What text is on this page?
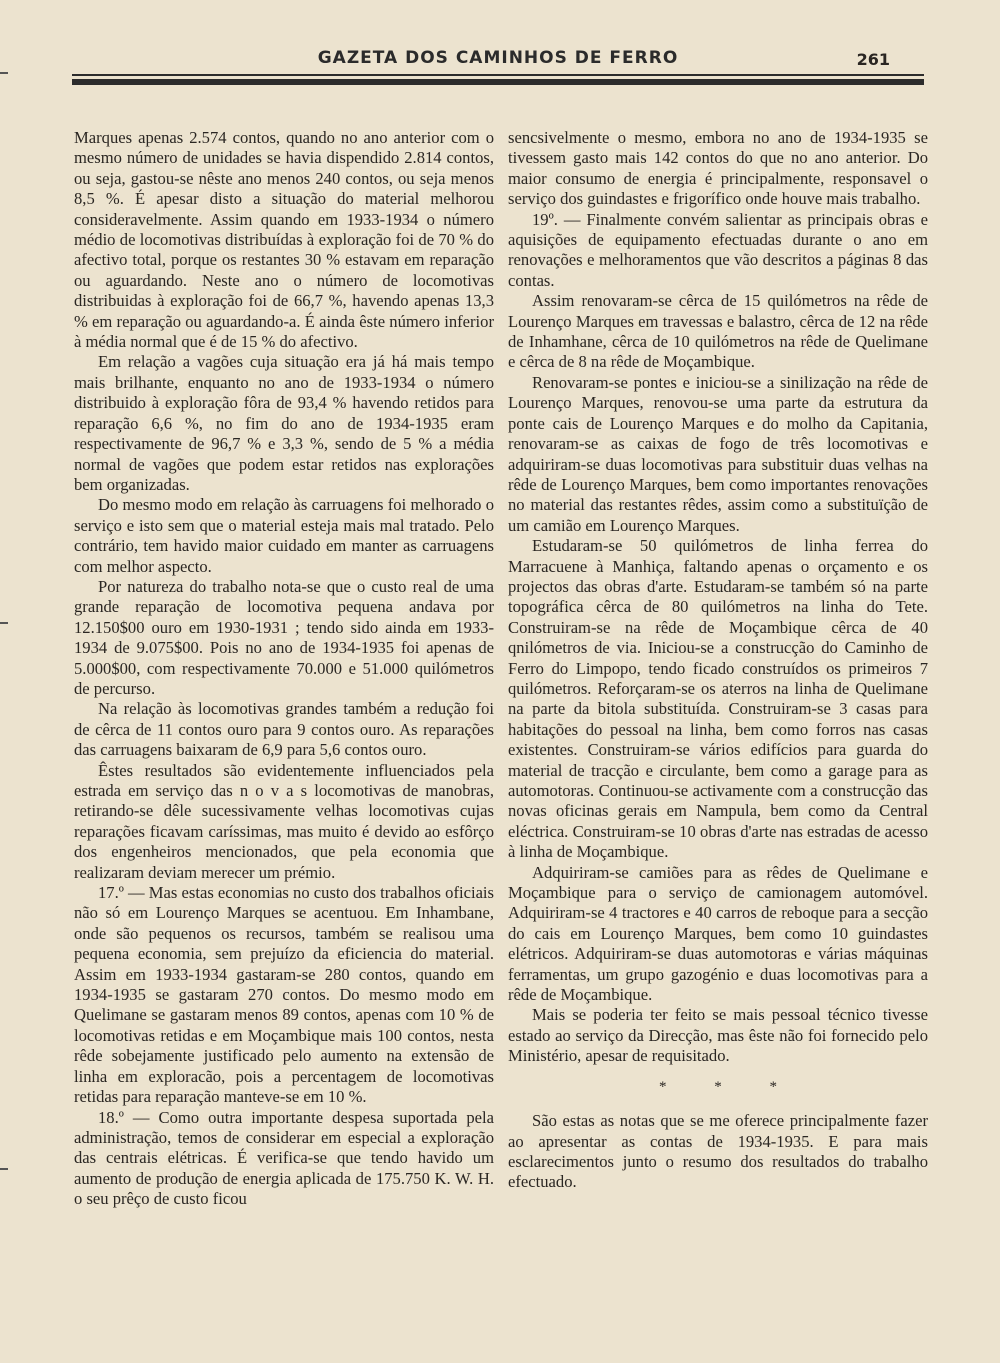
GAZETA DOS CAMINHOS DE FERRO	261

Marques apenas 2.574 contos, quando no ano anterior com o mesmo número de unidades se havia dispendido 2.814 contos, ou seja, gastou-se nêste ano menos 240 contos, ou seja menos 8,5 %. É apesar disto a situação do material melhorou consideravelmente. Assim quando em 1933-1934 o número médio de locomotivas distribuídas à exploração foi de 70 % do afectivo total, porque os restantes 30 % estavam em reparação ou aguardando. Neste ano o número de locomotivas distribuidas à exploração foi de 66,7 %, havendo apenas 13,3 % em reparação ou aguardando-a. É ainda êste número inferior à média normal que é de 15 % do afectivo.

Em relação a vagões cuja situação era já há mais tempo mais brilhante, enquanto no ano de 1933-1934 o número distribuido à exploração fôra de 93,4 % havendo retidos para reparação 6,6 %, no fim do ano de 1934-1935 eram respectivamente de 96,7 % e 3,3 %, sendo de 5 % a média normal de vagões que podem estar retidos nas explorações bem organizadas.

Do mesmo modo em relação às carruagens foi melhorado o serviço e isto sem que o material esteja mais mal tratado. Pelo contrário, tem havido maior cuidado em manter as carruagens com melhor aspecto.

Por natureza do trabalho nota-se que o custo real de uma grande reparação de locomotiva pequena andava por 12.150$00 ouro em 1930-1931 ; tendo sido ainda em 1933-1934 de 9.075$00. Pois no ano de 1934-1935 foi apenas de 5.000$00, com respectivamente 70.000 e 51.000 quilómetros de percurso.

Na relação às locomotivas grandes também a redução foi de cêrca de 11 contos ouro para 9 contos ouro. As reparações das carruagens baixaram de 6,9 para 5,6 contos ouro.

Êstes resultados são evidentemente influenciados pela estrada em serviço das n o v a s locomotivas de manobras, retirando-se dêle sucessivamente velhas locomotivas cujas reparações ficavam caríssimas, mas muito é devido ao esfôrço dos engenheiros mencionados, que pela economia que realizaram deviam merecer um prémio.

17.º — Mas estas economias no custo dos trabalhos oficiais não só em Lourenço Marques se acentuou. Em Inhambane, onde são pequenos os recursos, também se realisou uma pequena economia, sem prejuízo da eficiencia do material. Assim em 1933-1934 gastaram-se 280 contos, quando em 1934-1935 se gastaram 270 contos. Do mesmo modo em Quelimane se gastaram menos 89 contos, apenas com 10 % de locomotivas retidas e em Moçambique mais 100 contos, nesta rêde sobejamente justificado pelo aumento na extensão de linha em exploracão, pois a percentagem de locomotivas retidas para reparação manteve-se em 10 %.

18.º — Como outra importante despesa suportada pela administração, temos de considerar em especial a exploração das centrais elétricas. É verifica-se que tendo havido um aumento de produção de energia aplicada de 175.750 K. W. H. o seu prêço de custo ficou

sencsivelmente o mesmo, embora no ano de 1934-1935 se tivessem gasto mais 142 contos do que no ano anterior. Do maior consumo de energia é principalmente, responsavel o serviço dos guindastes e frigorífico onde houve mais trabalho.

19º. — Finalmente convém salientar as principais obras e aquisições de equipamento efectuadas durante o ano em renovações e melhoramentos que vão descritos a páginas 8 das contas.

Assim renovaram-se cêrca de 15 quilómetros na rêde de Lourenço Marques em travessas e balastro, cêrca de 12 na rêde de Inhamhane, cêrca de 10 quilómetros na rêde de Quelimane e cêrca de 8 na rêde de Moçambique.

Renovaram-se pontes e iniciou-se a sinilização na rêde de Lourenço Marques, renovou-se uma parte da estrutura da ponte cais de Lourenço Marques e do molho da Capitania, renovaram-se as caixas de fogo de três locomotivas e adquiriram-se duas locomotivas para substituir duas velhas na rêde de Lourenço Marques, bem como importantes renovações no material das restantes rêdes, assim como a substituïção de um camião em Lourenço Marques.

Estudaram-se 50 quilómetros de linha ferrea do Marracuene à Manhiça, faltando apenas o orçamento e os projectos das obras d'arte. Estudaram-se também só na parte topográfica cêrca de 80 quilómetros na linha do Tete. Construiram-se na rêde de Moçambique cêrca de 40 qnilómetros de via. Iniciou-se a construcção do Caminho de Ferro do Limpopo, tendo ficado construídos os primeiros 7 quilómetros. Reforçaram-se os aterros na linha de Quelimane na parte da bitola substituída. Construiram-se 3 casas para habitações do pessoal na linha, bem como forros nas casas existentes. Construiram-se vários edifícios para guarda do material de tracção e circulante, bem como a garage para as automotoras. Continuou-se activamente com a construcção das novas oficinas gerais em Nampula, bem como da Central eléctrica. Construiram-se 10 obras d'arte nas estradas de acesso à linha de Moçambique.

Adquiriram-se camiões para as rêdes de Quelimane e Moçambique para o serviço de camionagem automóvel. Adquiriram-se 4 tractores e 40 carros de reboque para a secção do cais em Lourenço Marques, bem como 10 guindastes elétricos. Adquiriram-se duas automotoras e várias máquinas ferramentas, um grupo gazogénio e duas locomotivas para a rêde de Moçambique.

Mais se poderia ter feito se mais pessoal técnico tivesse estado ao serviço da Direcção, mas êste não foi fornecido pelo Ministério, apesar de requisitado.

* * *

São estas as notas que se me oferece principalmente fazer ao apresentar as contas de 1934-1935. E para mais esclarecimentos junto o resumo dos resultados do trabalho efectuado.
